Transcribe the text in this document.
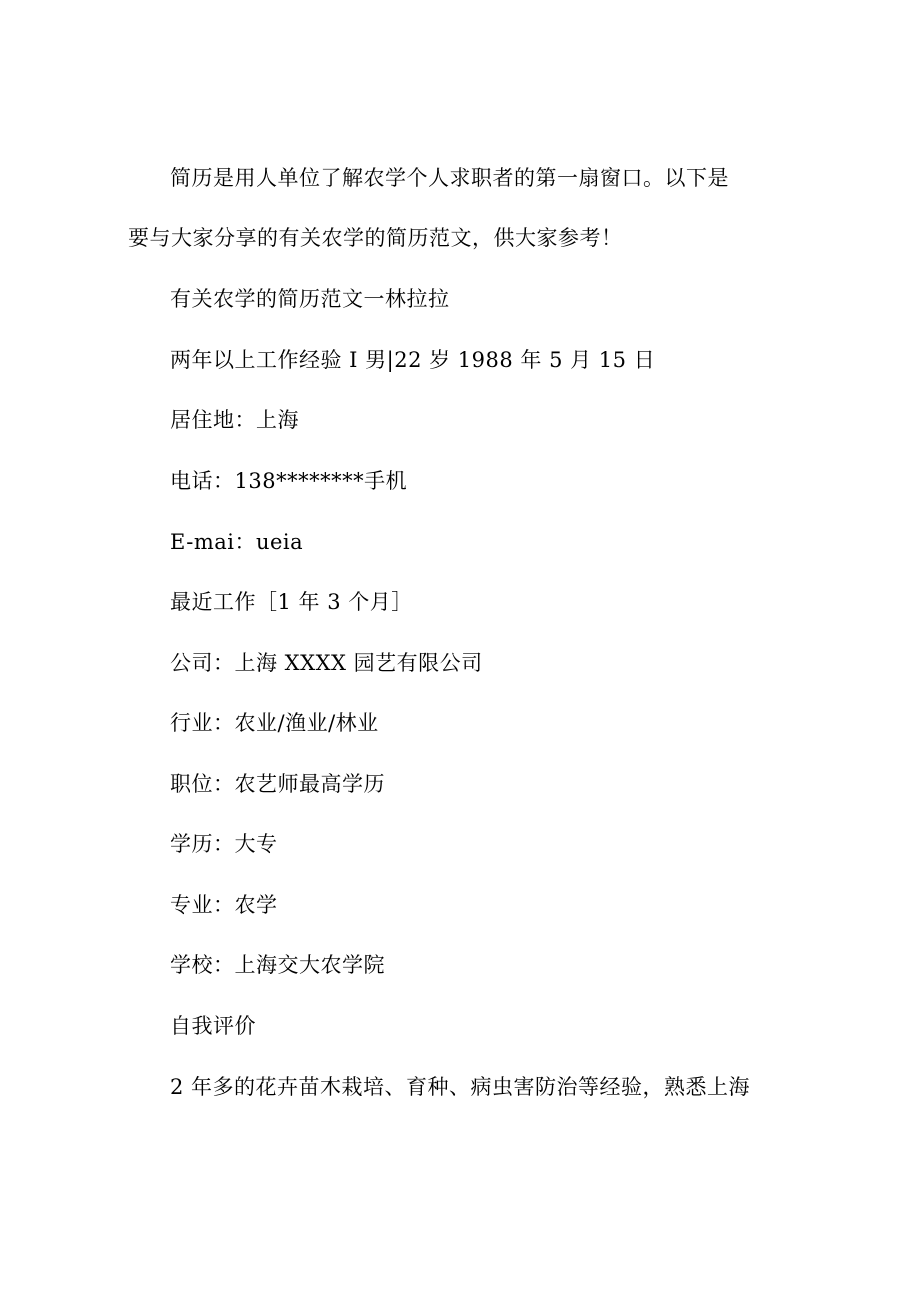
简历是用人单位了解农学个人求职者的第一扇窗口。以下是
要与大家分享的有关农学的简历范文，供大家参考！
有关农学的简历范文一林拉拉
两年以上工作经验 I 男|22 岁 1988 年 5 月 15 日
居住地：上海
电话：138********手机
E-mai：ueia
最近工作［1 年 3 个月］
公司：上海 XXXX 园艺有限公司
行业：农业/渔业/林业
职位：农艺师最高学历
学历：大专
专业：农学
学校：上海交大农学院
自我评价
2 年多的花卉苗木栽培、育种、病虫害防治等经验，熟悉上海
